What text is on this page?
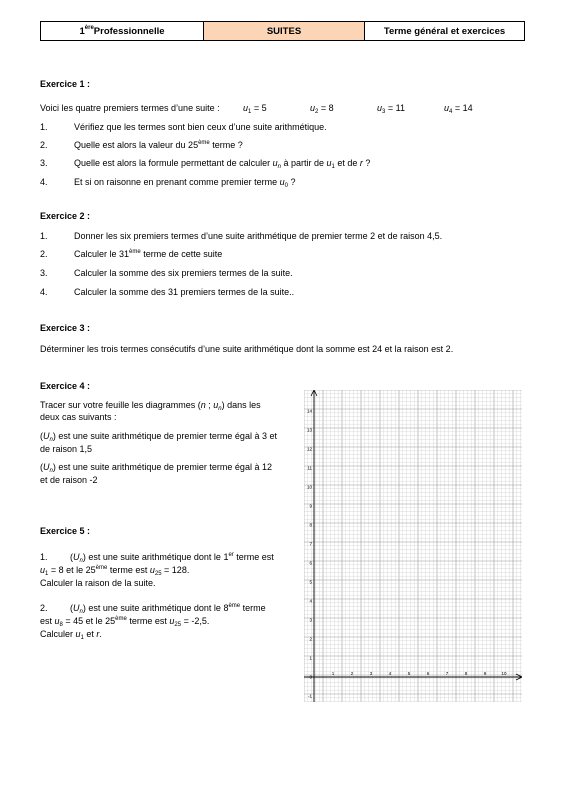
1ère Professionnelle	SUITES	Terme général et exercices
Exercice 1 :
Voici les quatre premiers termes d’une suite :	$u_1 = 5$	$u_2 = 8$	$u_3 = 11$	$u_4 = 14$
1.	Vérifiez que les termes sont bien ceux d’une suite arithmétique.
2.	Quelle est alors la valeur du 25ème terme ?
3.	Quelle est alors la formule permettant de calculer $u_n$ à partir de $u_1$ et de r ?
4.	Et si on raisonne en prenant comme premier terme $u_0$ ?
Exercice 2 :
1.	Donner les six premiers termes d’une suite arithmétique de premier terme 2 et de raison 4,5.
2.	Calculer le 31ème terme de cette suite
3.	Calculer la somme des six premiers termes de la suite.
4.	Calculer la somme des 31 premiers termes de la suite..
Exercice 3 :
Déterminer les trois termes consécutifs d’une suite arithmétique dont la somme est 24 et la raison est 2.
Exercice 4 :
Tracer sur votre feuille les diagrammes (n ; $u_n$) dans les
deux cas suivants :
$(U_n)$ est une suite arithmétique de premier terme égal à 3 et
de raison 1,5
$(U_n)$ est une suite arithmétique de premier terme égal à 12
et de raison -2
Exercice 5 :
1.         $(U_n)$ est une suite arithmétique dont le 1er terme est
$u_1 = 8$ et le 25ème terme est $u_{25} = 128$.
Calculer la raison de la suite.
2.         $(U_n)$ est une suite arithmétique dont le 8ème terme
est $u_8 = 45$ et le 25ème terme est $u_{25} = -2,5$.
Calculer $u_1$ et r.
1	2	3	4	5	6	7	8	9	10
14
13
12
11
10
9
8
7
6
5
4
3
2
1
0
-1
